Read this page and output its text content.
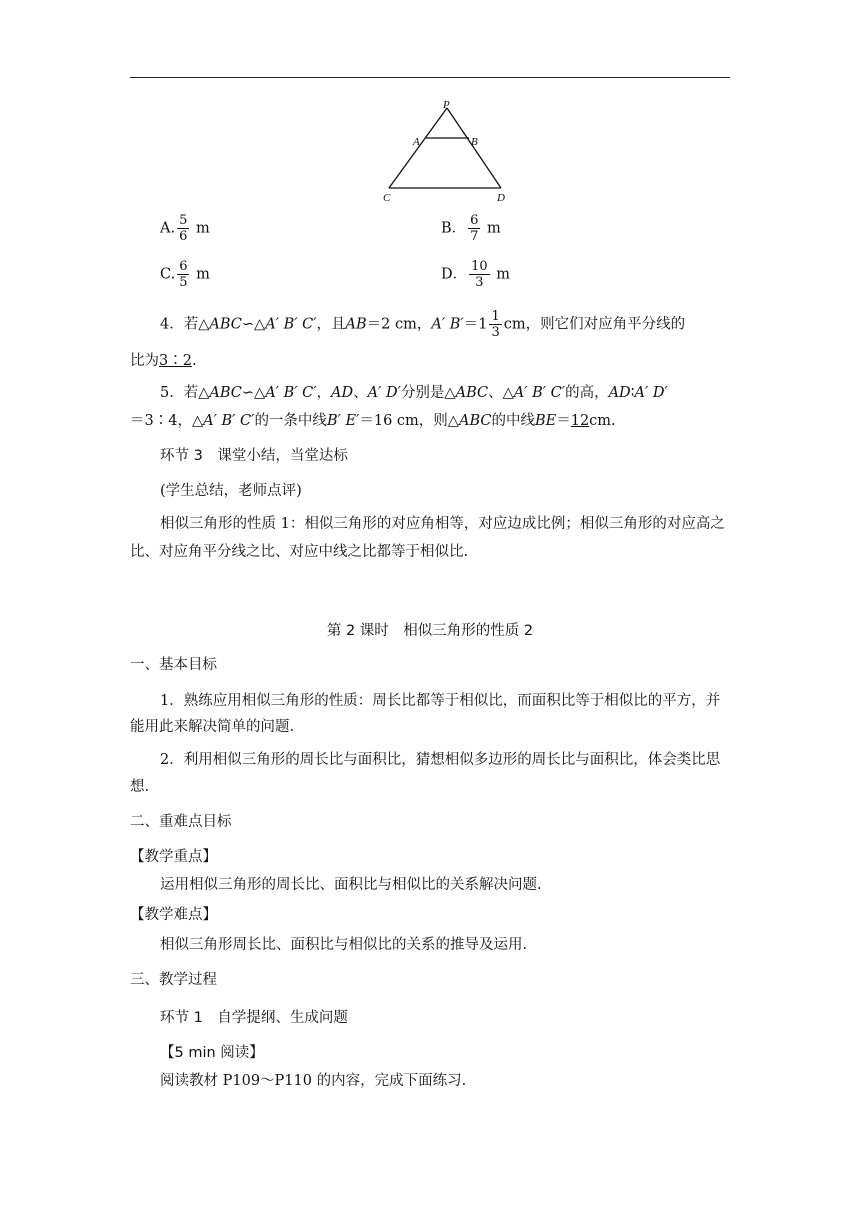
P
A	B
C	D
A. $\frac{5}{6}$ m	B． $\frac{6}{7}$ m
C. $\frac{6}{5}$ m	D． $\frac{10}{3}$ m
4．若△ABC∽△A′ B′ C′，且AB＝2 cm，A′ $B'=1 \frac{1}{3}$ cm，则它们对应角平分线的
比为3∶2.
5．若△ABC∽△A′ B′ C′，AD、A′ D′分别是△ABC、△A′ B′ C′的高，AD∶A′ D′
＝3∶4，△A′ B′ C′的一条中线B′ E′＝16 cm，则△ABC的中线BE＝12cm.
环节 3　课堂小结，当堂达标
(学生总结，老师点评)
相似三角形的性质 1：相似三角形的对应角相等，对应边成比例；相似三角形的对应高之比、对应角平分线之比、对应中线之比都等于相似比.
第 2 课时　相似三角形的性质 2
一、基本目标
1．熟练应用相似三角形的性质：周长比都等于相似比，而面积比等于相似比的平方，并能用此来解决简单的问题.
2．利用相似三角形的周长比与面积比，猜想相似多边形的周长比与面积比，体会类比思想.
二、重难点目标
【教学重点】
运用相似三角形的周长比、面积比与相似比的关系解决问题.
【教学难点】
相似三角形周长比、面积比与相似比的关系的推导及运用.
三、教学过程
环节 1　自学提纲、生成问题
【5 min 阅读】
阅读教材 P109～P110 的内容，完成下面练习.
